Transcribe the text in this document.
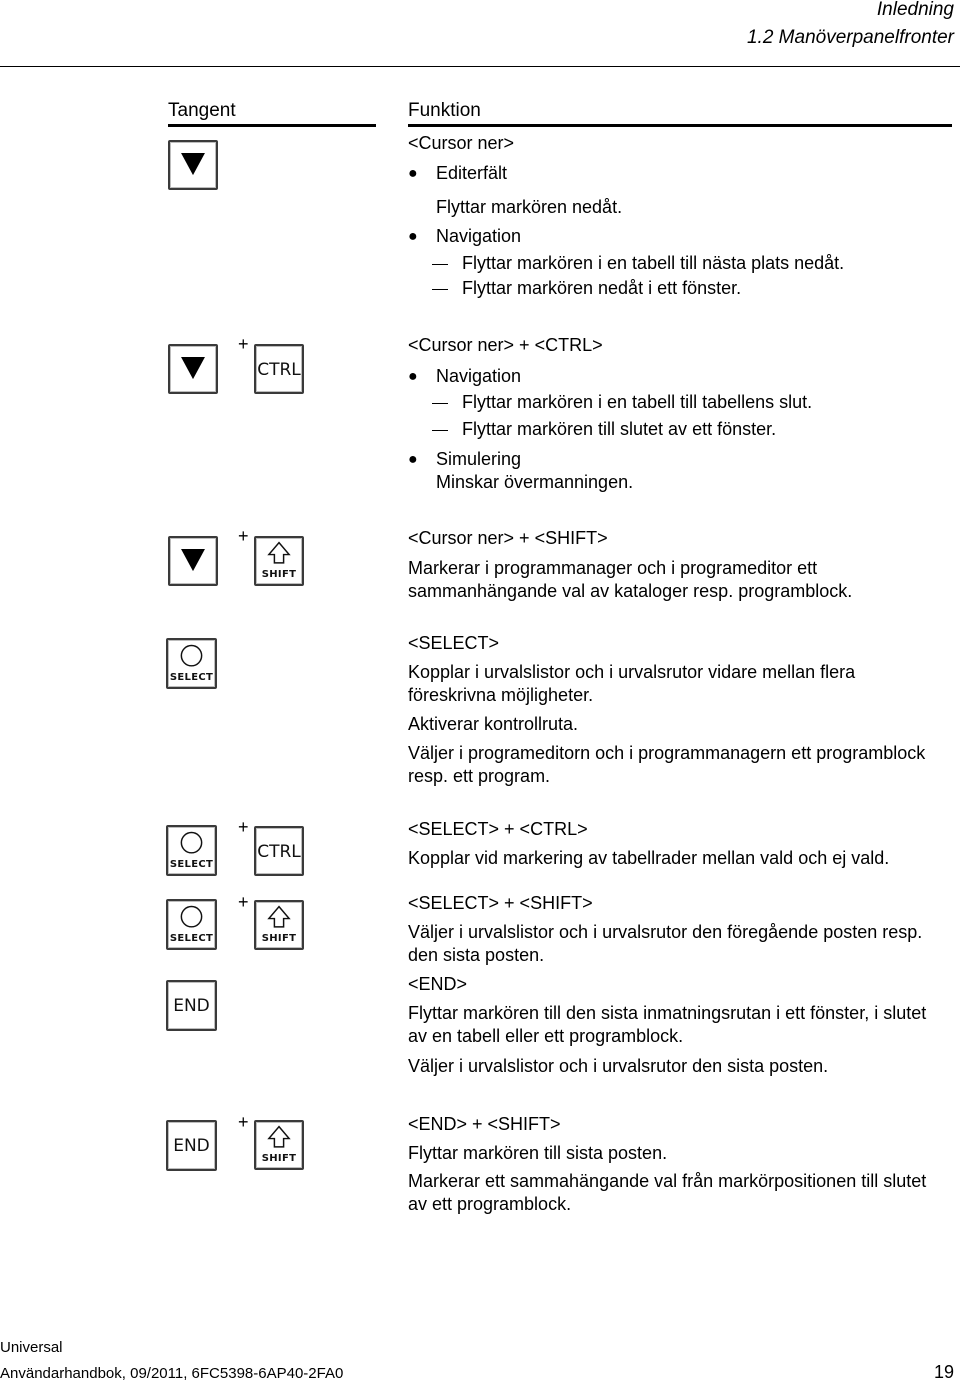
Inledning
1.2 Manöverpanelfronter
Tangent	Funktion
<Cursor ner>
● Editerfält
Flyttar markören nedåt.
● Navigation
Flyttar markören i en tabell till nästa plats nedåt.
Flyttar markören nedåt i ett fönster.
+
CTRL
<Cursor ner> + <CTRL>
● Navigation
Flyttar markören i en tabell till tabellens slut.
Flyttar markören till slutet av ett fönster.
● Simulering
Minskar övermanningen.
+
SHIFT
<Cursor ner> + <SHIFT>
Markerar i programmanager och i programeditor ett sammanhängande val av kataloger resp. programblock.
SELECT
<SELECT>
Kopplar i urvalslistor och i urvalsrutor vidare mellan flera föreskrivna möjligheter.
Aktiverar kontrollruta.
Väljer i programeditorn och i programmanagern ett programblock resp. ett program.
SELECT
+
CTRL
<SELECT> + <CTRL>
Kopplar vid markering av tabellrader mellan vald och ej vald.
SELECT
+
SHIFT
<SELECT> + <SHIFT>
Väljer i urvalslistor och i urvalsrutor den föregående posten resp. den sista posten.
END
<END>
Flyttar markören till den sista inmatningsrutan i ett fönster, i slutet av en tabell eller ett programblock.
Väljer i urvalslistor och i urvalsrutor den sista posten.
END
+
SHIFT
<END> + <SHIFT>
Flyttar markören till sista posten.
Markerar ett sammahängande val från markörpositionen till slutet av ett programblock.
Universal
Användarhandbok, 09/2011, 6FC5398-6AP40-2FA0	19
